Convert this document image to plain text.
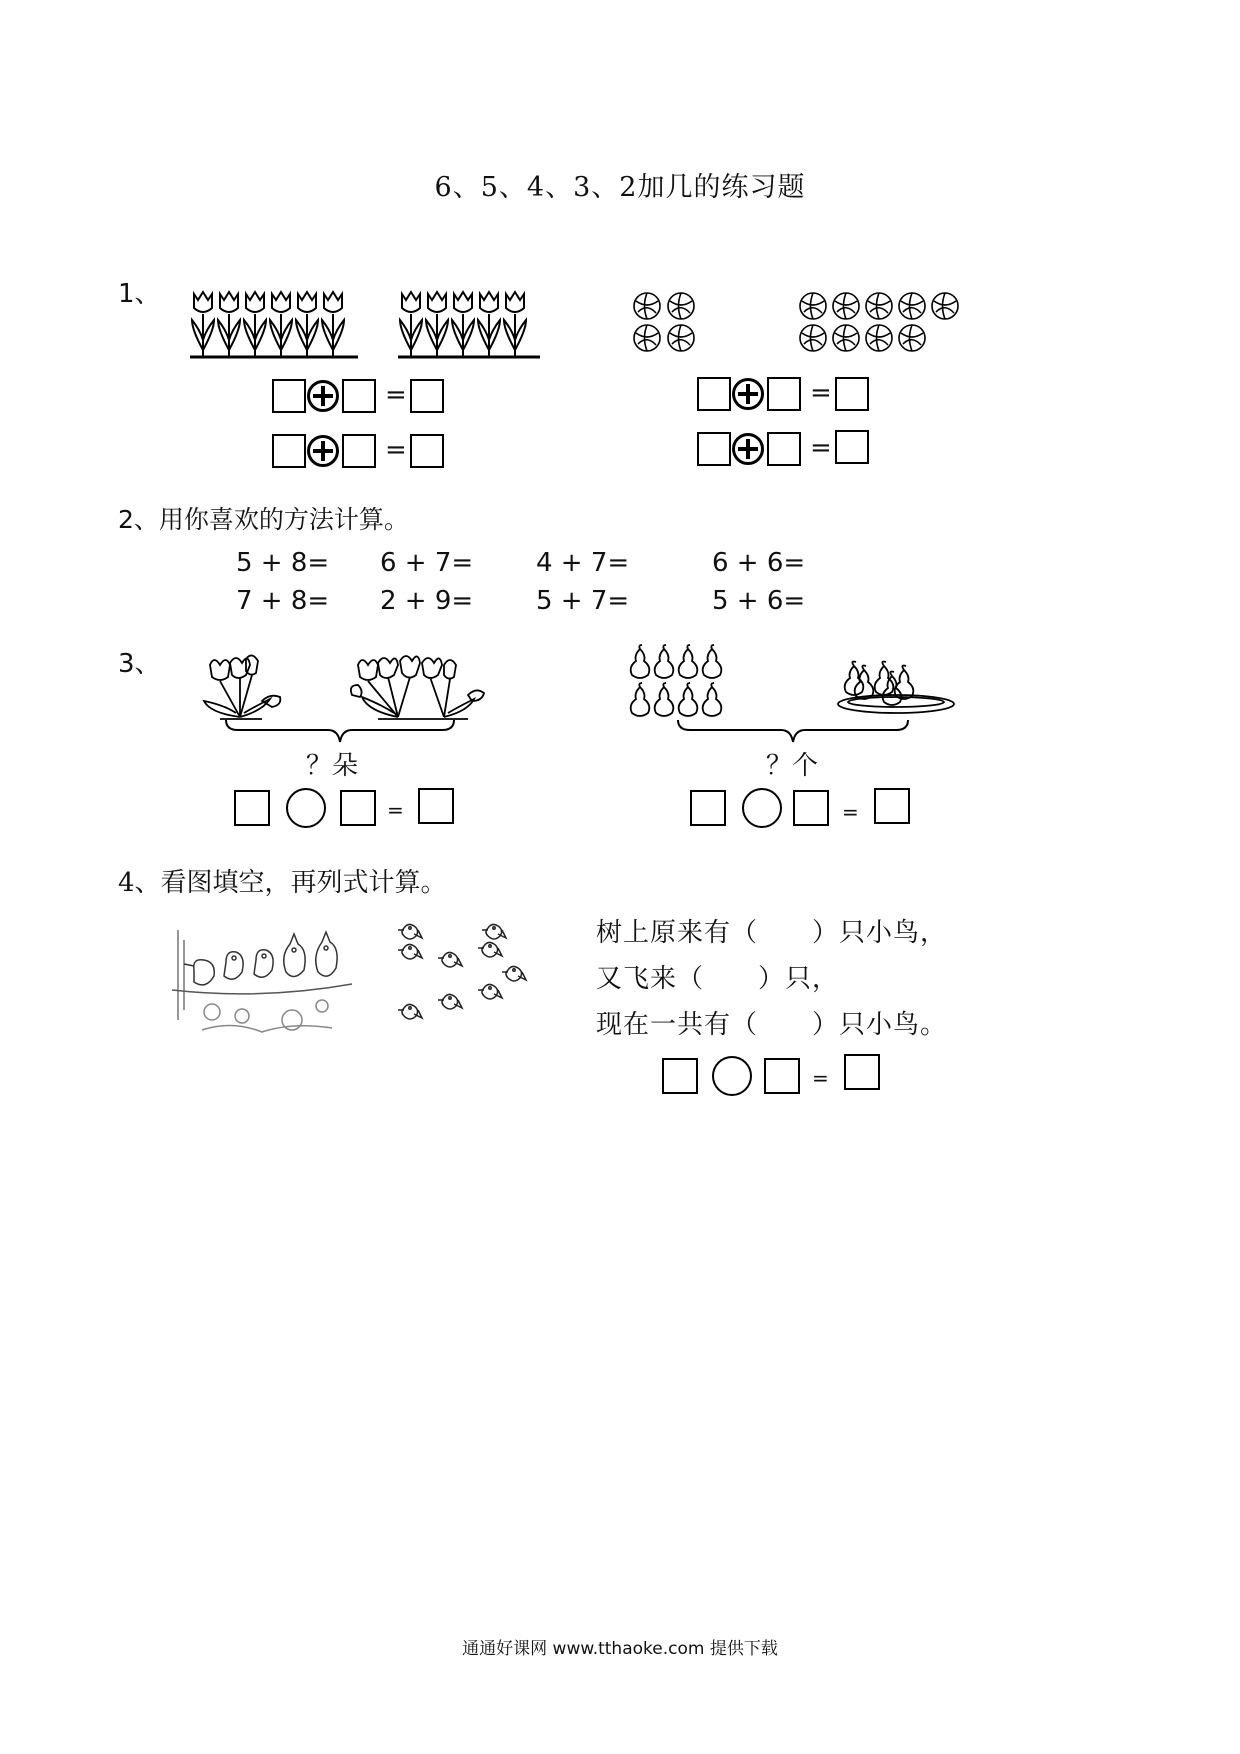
6、5、4、3、2加几的练习题
1、
=
=
=
=
2、用你喜欢的方法计算。
5 + 8= 6 + 7= 4 + 7=	6 + 6=
7 + 8= 2 + 9= 5 + 7=	5 + 6=
3、
？朵	？个
=	=
4、看图填空，再列式计算。
树上原来有（　　）只小鸟，
又飞来（　　）只，
现在一共有（　　）只小鸟。
=
通通好课网 www.tthaoke.com 提供下载
